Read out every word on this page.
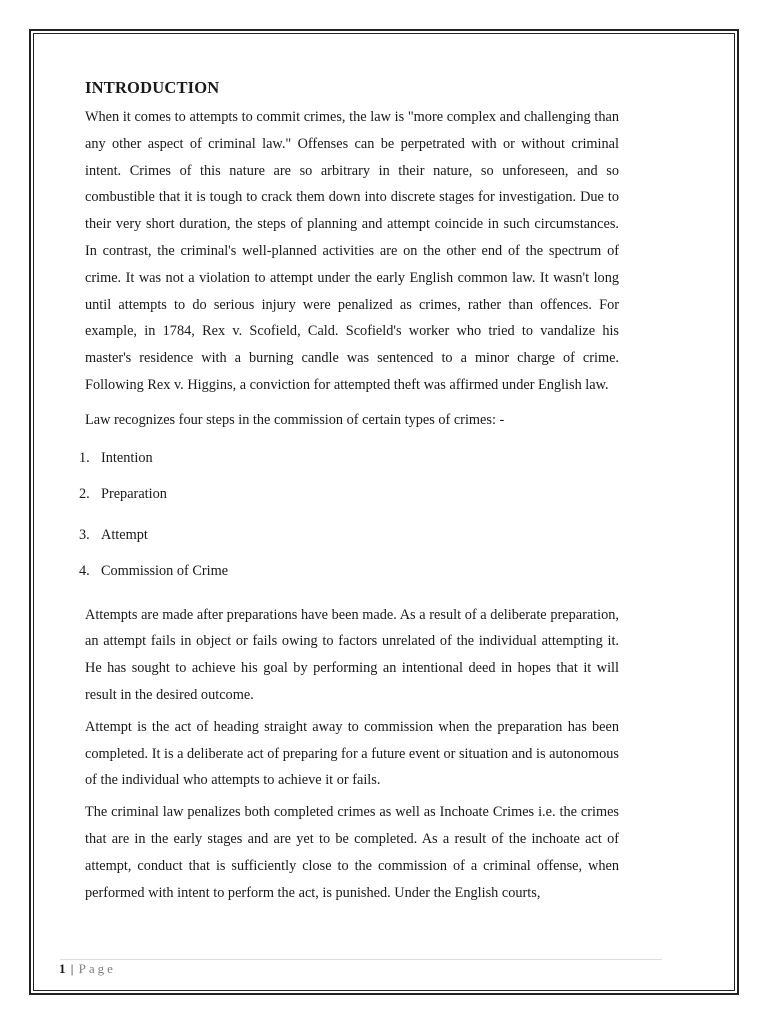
INTRODUCTION

When it comes to attempts to commit crimes, the law is "more complex and challenging than any other aspect of criminal law." Offenses can be perpetrated with or without criminal intent. Crimes of this nature are so arbitrary in their nature, so unforeseen, and so combustible that it is tough to crack them down into discrete stages for investigation. Due to their very short duration, the steps of planning and attempt coincide in such circumstances. In contrast, the criminal's well-planned activities are on the other end of the spectrum of crime. It was not a violation to attempt under the early English common law. It wasn't long until attempts to do serious injury were penalized as crimes, rather than offences. For example, in 1784, Rex v. Scofield, Cald. Scofield's worker who tried to vandalize his master's residence with a burning candle was sentenced to a minor charge of crime. Following Rex v. Higgins, a conviction for attempted theft was affirmed under English law.

Law recognizes four steps in the commission of certain types of crimes: -

1. Intention
2. Preparation
3. Attempt
4. Commission of Crime

Attempts are made after preparations have been made. As a result of a deliberate preparation, an attempt fails in object or fails owing to factors unrelated of the individual attempting it. He has sought to achieve his goal by performing an intentional deed in hopes that it will result in the desired outcome.

Attempt is the act of heading straight away to commission when the preparation has been completed. It is a deliberate act of preparing for a future event or situation and is autonomous of the individual who attempts to achieve it or fails.

The criminal law penalizes both completed crimes as well as Inchoate Crimes i.e. the crimes that are in the early stages and are yet to be completed. As a result of the inchoate act of attempt, conduct that is sufficiently close to the commission of a criminal offense, when performed with intent to perform the act, is punished. Under the English courts,

1 | Page
